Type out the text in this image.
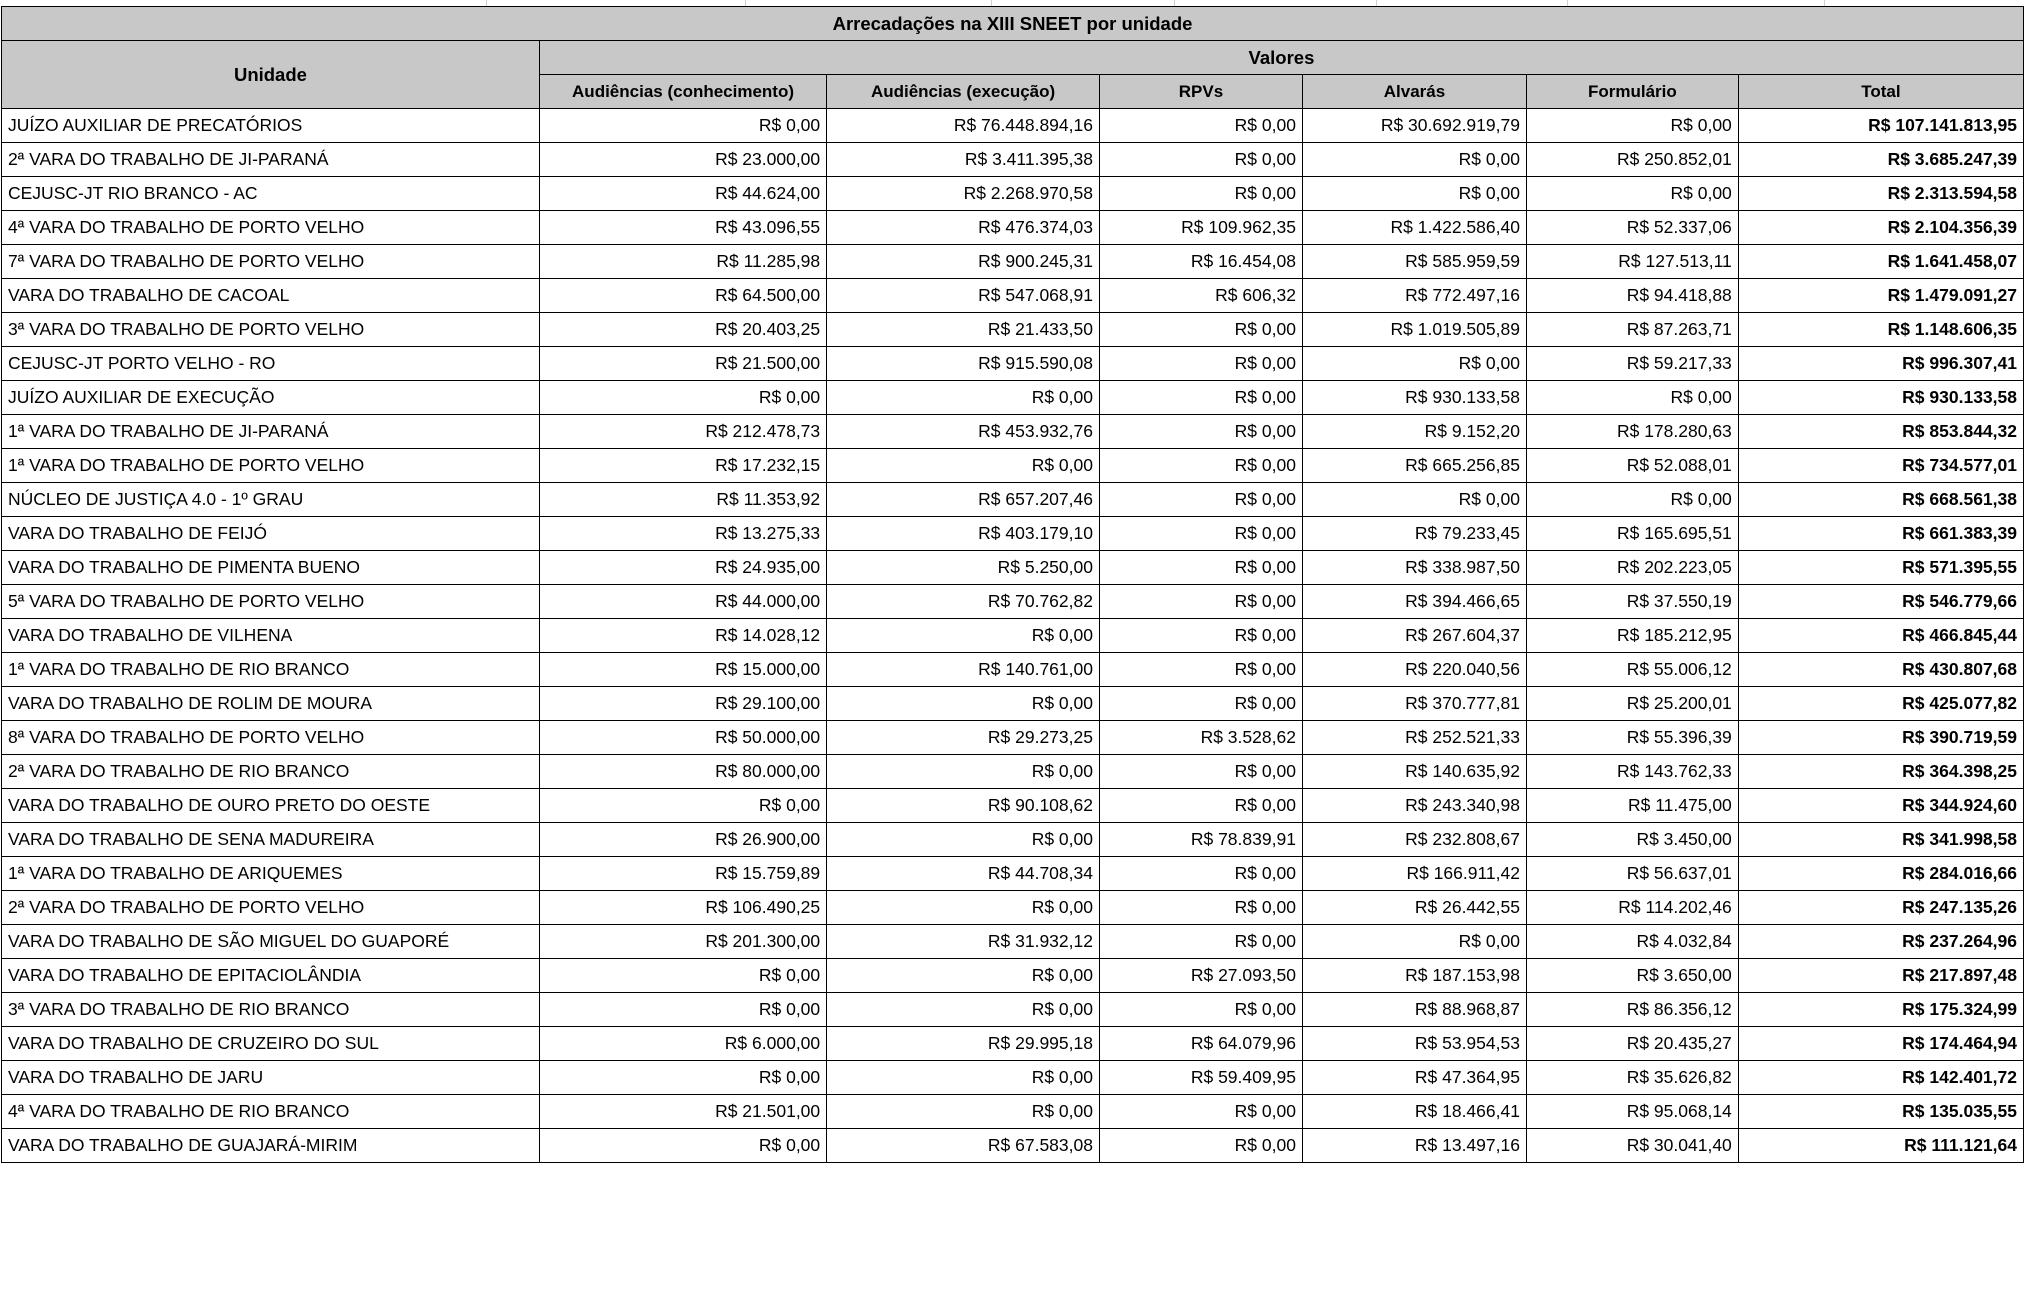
Arrecadações na XIII SNEET por unidade						
Unidade	Valores					
	Audiências (conhecimento)	Audiências (execução)	RPVs	Alvarás	Formulário	Total
JUÍZO AUXILIAR DE PRECATÓRIOS	R$ 0,00	R$ 76.448.894,16	R$ 0,00	R$ 30.692.919,79	R$ 0,00	R$ 107.141.813,95
2ª VARA DO TRABALHO DE JI-PARANÁ	R$ 23.000,00	R$ 3.411.395,38	R$ 0,00	R$ 0,00	R$ 250.852,01	R$ 3.685.247,39
CEJUSC-JT RIO BRANCO - AC	R$ 44.624,00	R$ 2.268.970,58	R$ 0,00	R$ 0,00	R$ 0,00	R$ 2.313.594,58
4ª VARA DO TRABALHO DE PORTO VELHO	R$ 43.096,55	R$ 476.374,03	R$ 109.962,35	R$ 1.422.586,40	R$ 52.337,06	R$ 2.104.356,39
7ª VARA DO TRABALHO DE PORTO VELHO	R$ 11.285,98	R$ 900.245,31	R$ 16.454,08	R$ 585.959,59	R$ 127.513,11	R$ 1.641.458,07
VARA DO TRABALHO DE CACOAL	R$ 64.500,00	R$ 547.068,91	R$ 606,32	R$ 772.497,16	R$ 94.418,88	R$ 1.479.091,27
3ª VARA DO TRABALHO DE PORTO VELHO	R$ 20.403,25	R$ 21.433,50	R$ 0,00	R$ 1.019.505,89	R$ 87.263,71	R$ 1.148.606,35
CEJUSC-JT PORTO VELHO - RO	R$ 21.500,00	R$ 915.590,08	R$ 0,00	R$ 0,00	R$ 59.217,33	R$ 996.307,41
JUÍZO AUXILIAR DE EXECUÇÃO	R$ 0,00	R$ 0,00	R$ 0,00	R$ 930.133,58	R$ 0,00	R$ 930.133,58
1ª VARA DO TRABALHO DE JI-PARANÁ	R$ 212.478,73	R$ 453.932,76	R$ 0,00	R$ 9.152,20	R$ 178.280,63	R$ 853.844,32
1ª VARA DO TRABALHO DE PORTO VELHO	R$ 17.232,15	R$ 0,00	R$ 0,00	R$ 665.256,85	R$ 52.088,01	R$ 734.577,01
NÚCLEO DE JUSTIÇA 4.0 - 1º GRAU	R$ 11.353,92	R$ 657.207,46	R$ 0,00	R$ 0,00	R$ 0,00	R$ 668.561,38
VARA DO TRABALHO DE FEIJÓ	R$ 13.275,33	R$ 403.179,10	R$ 0,00	R$ 79.233,45	R$ 165.695,51	R$ 661.383,39
VARA DO TRABALHO DE PIMENTA BUENO	R$ 24.935,00	R$ 5.250,00	R$ 0,00	R$ 338.987,50	R$ 202.223,05	R$ 571.395,55
5ª VARA DO TRABALHO DE PORTO VELHO	R$ 44.000,00	R$ 70.762,82	R$ 0,00	R$ 394.466,65	R$ 37.550,19	R$ 546.779,66
VARA DO TRABALHO DE VILHENA	R$ 14.028,12	R$ 0,00	R$ 0,00	R$ 267.604,37	R$ 185.212,95	R$ 466.845,44
1ª VARA DO TRABALHO DE RIO BRANCO	R$ 15.000,00	R$ 140.761,00	R$ 0,00	R$ 220.040,56	R$ 55.006,12	R$ 430.807,68
VARA DO TRABALHO DE ROLIM DE MOURA	R$ 29.100,00	R$ 0,00	R$ 0,00	R$ 370.777,81	R$ 25.200,01	R$ 425.077,82
8ª VARA DO TRABALHO DE PORTO VELHO	R$ 50.000,00	R$ 29.273,25	R$ 3.528,62	R$ 252.521,33	R$ 55.396,39	R$ 390.719,59
2ª VARA DO TRABALHO DE RIO BRANCO	R$ 80.000,00	R$ 0,00	R$ 0,00	R$ 140.635,92	R$ 143.762,33	R$ 364.398,25
VARA DO TRABALHO DE OURO PRETO DO OESTE	R$ 0,00	R$ 90.108,62	R$ 0,00	R$ 243.340,98	R$ 11.475,00	R$ 344.924,60
VARA DO TRABALHO DE SENA MADUREIRA	R$ 26.900,00	R$ 0,00	R$ 78.839,91	R$ 232.808,67	R$ 3.450,00	R$ 341.998,58
1ª VARA DO TRABALHO DE ARIQUEMES	R$ 15.759,89	R$ 44.708,34	R$ 0,00	R$ 166.911,42	R$ 56.637,01	R$ 284.016,66
2ª VARA DO TRABALHO DE PORTO VELHO	R$ 106.490,25	R$ 0,00	R$ 0,00	R$ 26.442,55	R$ 114.202,46	R$ 247.135,26
VARA DO TRABALHO DE SÃO MIGUEL DO GUAPORÉ	R$ 201.300,00	R$ 31.932,12	R$ 0,00	R$ 0,00	R$ 4.032,84	R$ 237.264,96
VARA DO TRABALHO DE EPITACIOLÂNDIA	R$ 0,00	R$ 0,00	R$ 27.093,50	R$ 187.153,98	R$ 3.650,00	R$ 217.897,48
3ª VARA DO TRABALHO DE RIO BRANCO	R$ 0,00	R$ 0,00	R$ 0,00	R$ 88.968,87	R$ 86.356,12	R$ 175.324,99
VARA DO TRABALHO DE CRUZEIRO DO SUL	R$ 6.000,00	R$ 29.995,18	R$ 64.079,96	R$ 53.954,53	R$ 20.435,27	R$ 174.464,94
VARA DO TRABALHO DE JARU	R$ 0,00	R$ 0,00	R$ 59.409,95	R$ 47.364,95	R$ 35.626,82	R$ 142.401,72
4ª VARA DO TRABALHO DE RIO BRANCO	R$ 21.501,00	R$ 0,00	R$ 0,00	R$ 18.466,41	R$ 95.068,14	R$ 135.035,55
VARA DO TRABALHO DE GUAJARÁ-MIRIM	R$ 0,00	R$ 67.583,08	R$ 0,00	R$ 13.497,16	R$ 30.041,40	R$ 111.121,64
